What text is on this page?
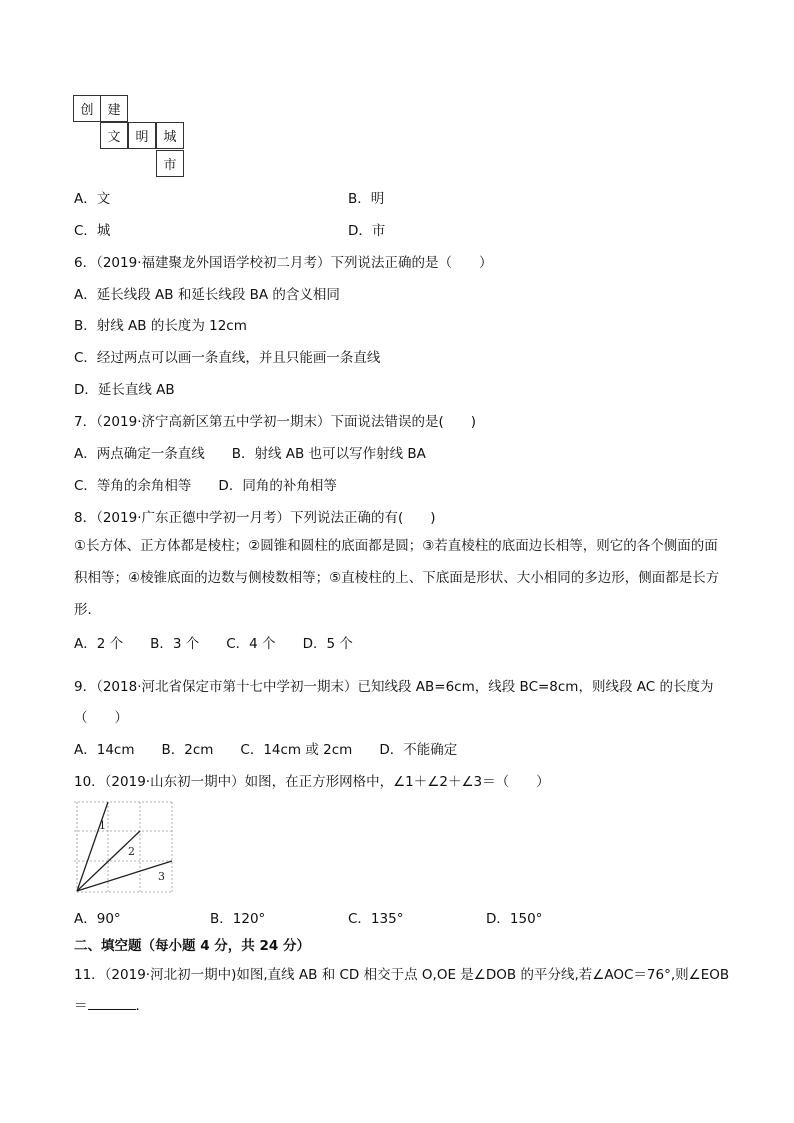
创	建
文	明	城
市
A．文	B．明
C．城	D．市
6．（2019·福建聚龙外国语学校初二月考）下列说法正确的是（　　）
A．延长线段 AB 和延长线段 BA 的含义相同
B．射线 AB 的长度为 12cm
C．经过两点可以画一条直线，并且只能画一条直线
D．延长直线 AB
7．（2019·济宁高新区第五中学初一期末）下面说法错误的是(　　)
A．两点确定一条直线　　B．射线 AB 也可以写作射线 BA
C．等角的余角相等　　D．同角的补角相等
8．（2019·广东正德中学初一月考）下列说法正确的有(　　)
①长方体、正方体都是棱柱；②圆锥和圆柱的底面都是圆；③若直棱柱的底面边长相等，则它的各个侧面的面积相等；④棱锥底面的边数与侧棱数相等；⑤直棱柱的上、下底面是形状、大小相同的多边形，侧面都是长方形．
A．2 个　　B．3 个　　C．4 个　　D．5 个
9．（2018·河北省保定市第十七中学初一期末）已知线段 AB=6cm，线段 BC=8cm，则线段 AC 的长度为
（　　）
A．14cm　　B．2cm　　C．14cm 或 2cm　　D．不能确定
10．（2019·山东初一期中）如图，在正方形网格中，∠1＋∠2＋∠3＝（　　）
1
2
3
A．90°	B．120°	C．135°	D．150°
二、填空题（每小题 4 分，共 24 分）
11．（2019·河北初一期中)如图,直线 AB 和 CD 相交于点 O,OE 是∠DOB 的平分线,若∠AOC＝76°,则∠EOB
＝	．
